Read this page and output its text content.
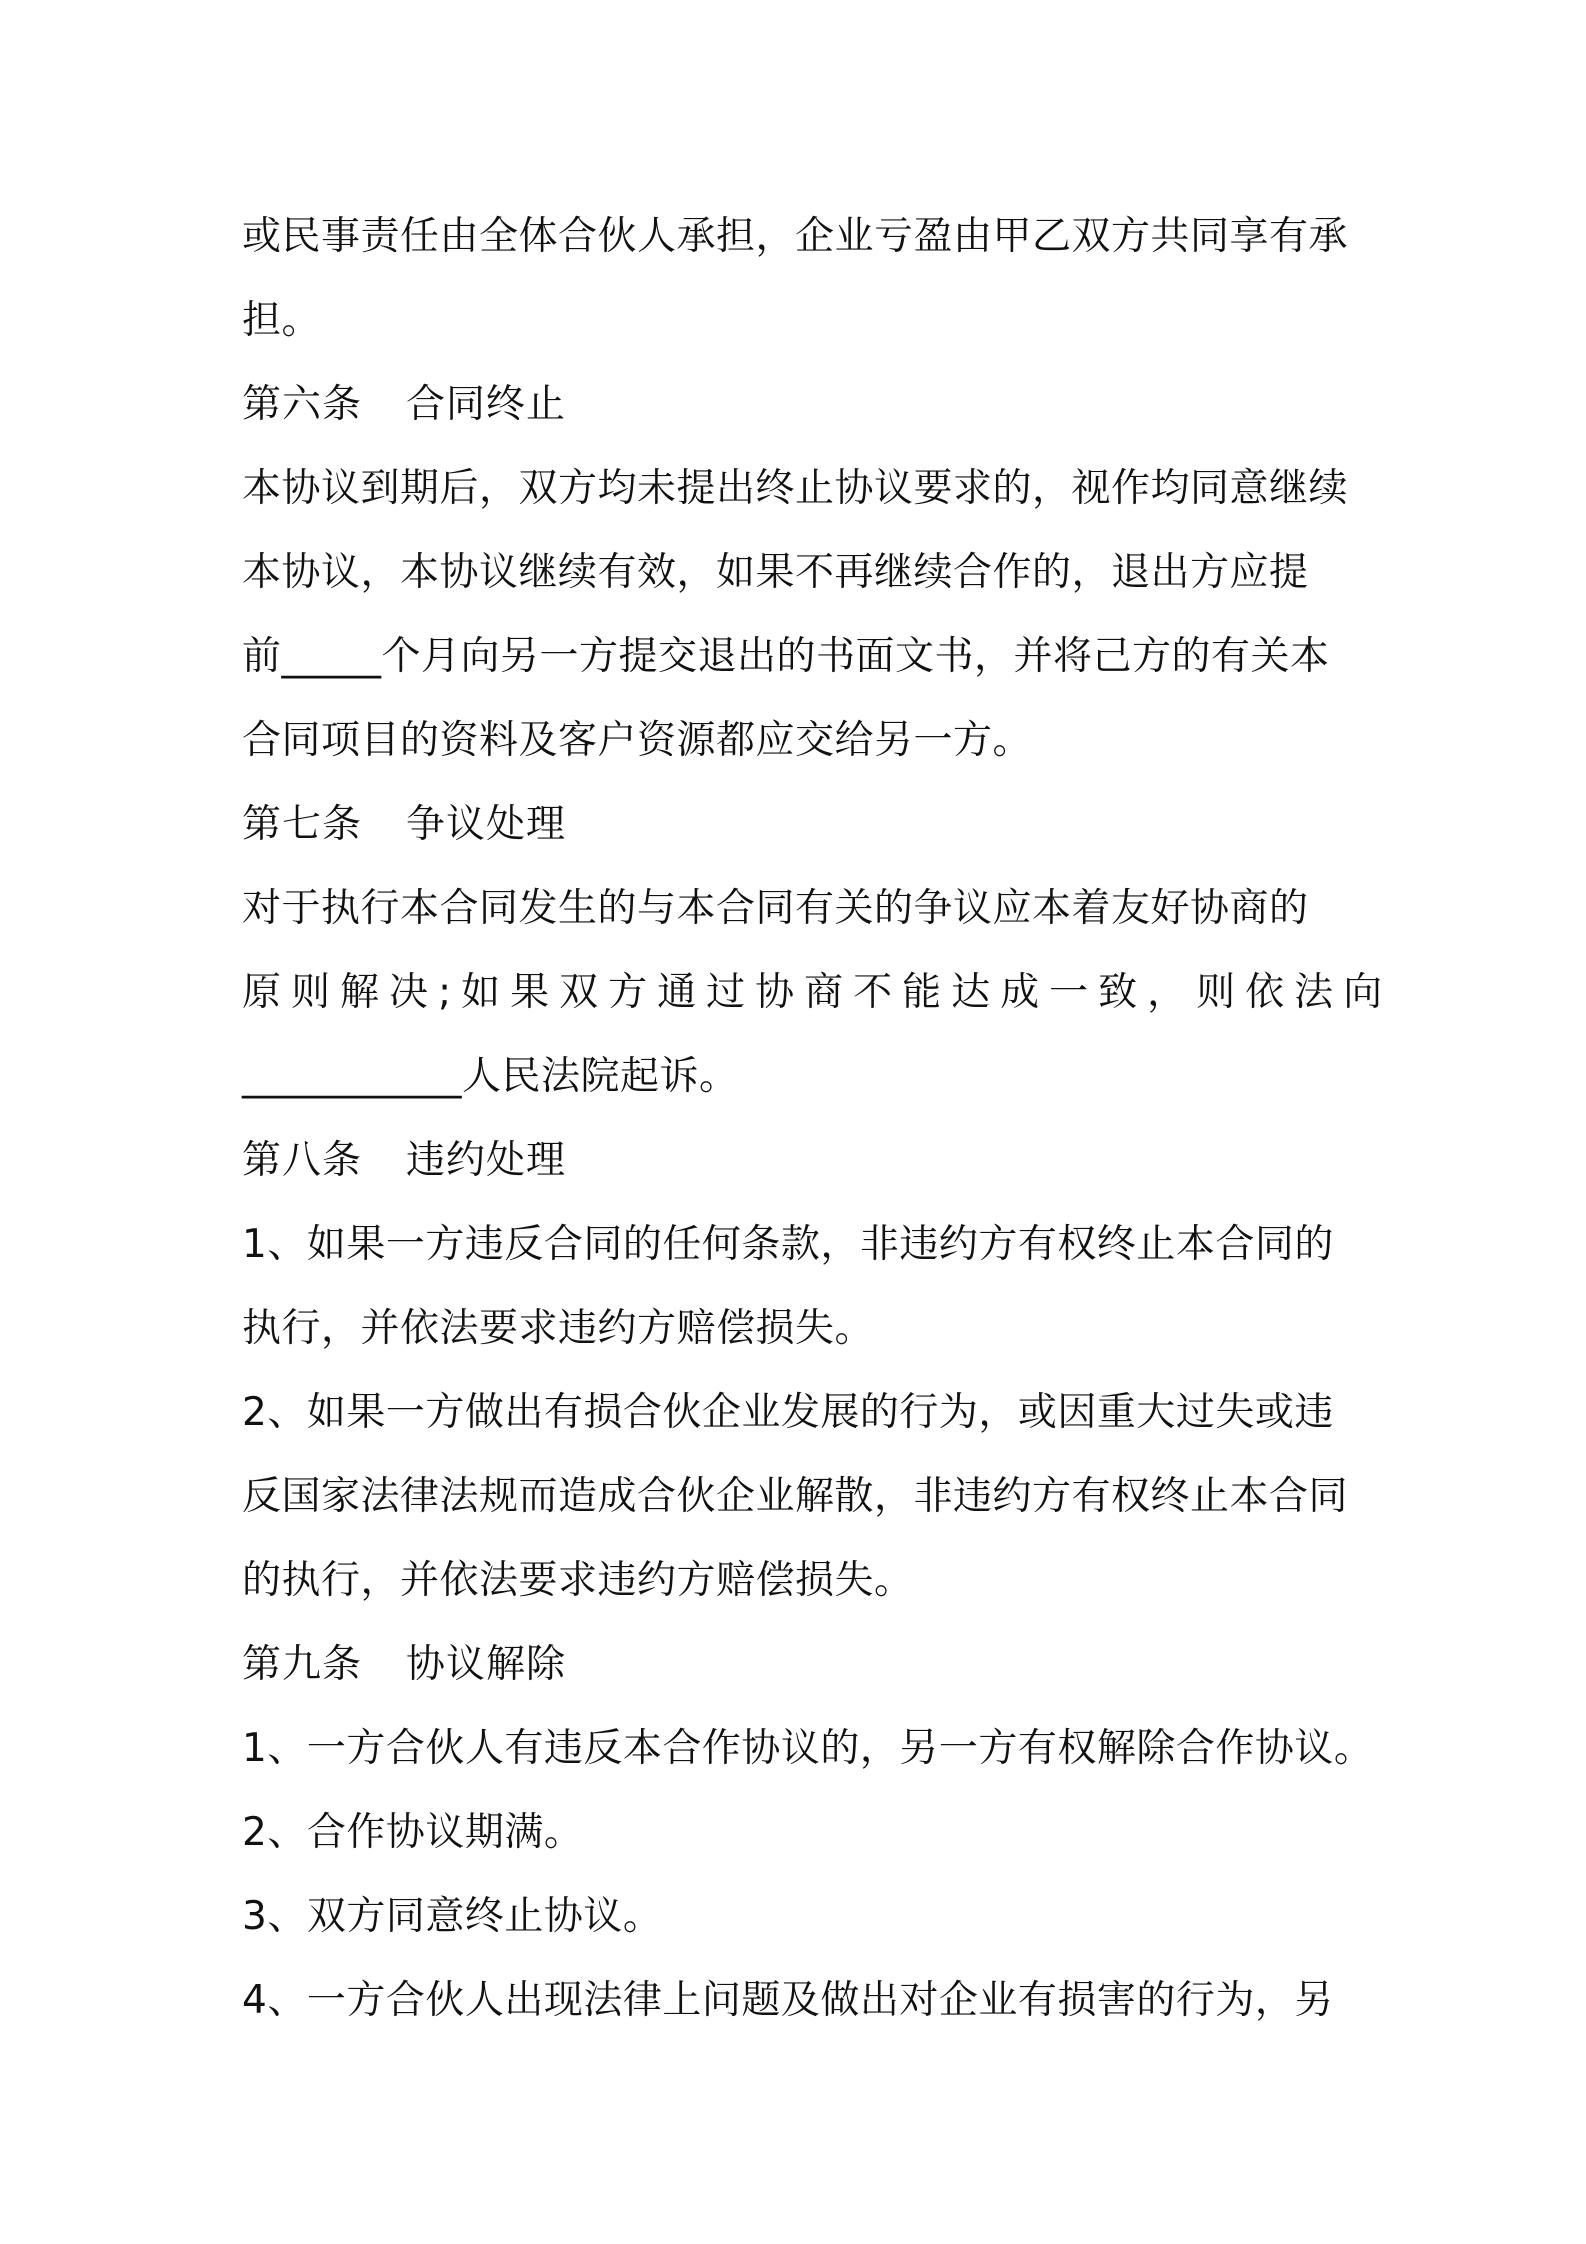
或民事责任由全体合伙人承担，企业亏盈由甲乙双方共同享有承
担。
第六条 合同终止
本协议到期后，双方均未提出终止协议要求的，视作均同意继续
本协议，本协议继续有效，如果不再继续合作的，退出方应提
前_____个月向另一方提交退出的书面文书，并将己方的有关本
合同项目的资料及客户资源都应交给另一方。
第七条 争议处理
对于执行本合同发生的与本合同有关的争议应本着友好协商的
原则解决;如果双方通过协商不能达成一致，则依法向
___________人民法院起诉。
第八条 违约处理
1、如果一方违反合同的任何条款，非违约方有权终止本合同的
执行，并依法要求违约方赔偿损失。
2、如果一方做出有损合伙企业发展的行为，或因重大过失或违
反国家法律法规而造成合伙企业解散，非违约方有权终止本合同
的执行，并依法要求违约方赔偿损失。
第九条 协议解除
1、一方合伙人有违反本合作协议的，另一方有权解除合作协议。
2、合作协议期满。
3、双方同意终止协议。
4、一方合伙人出现法律上问题及做出对企业有损害的行为，另
